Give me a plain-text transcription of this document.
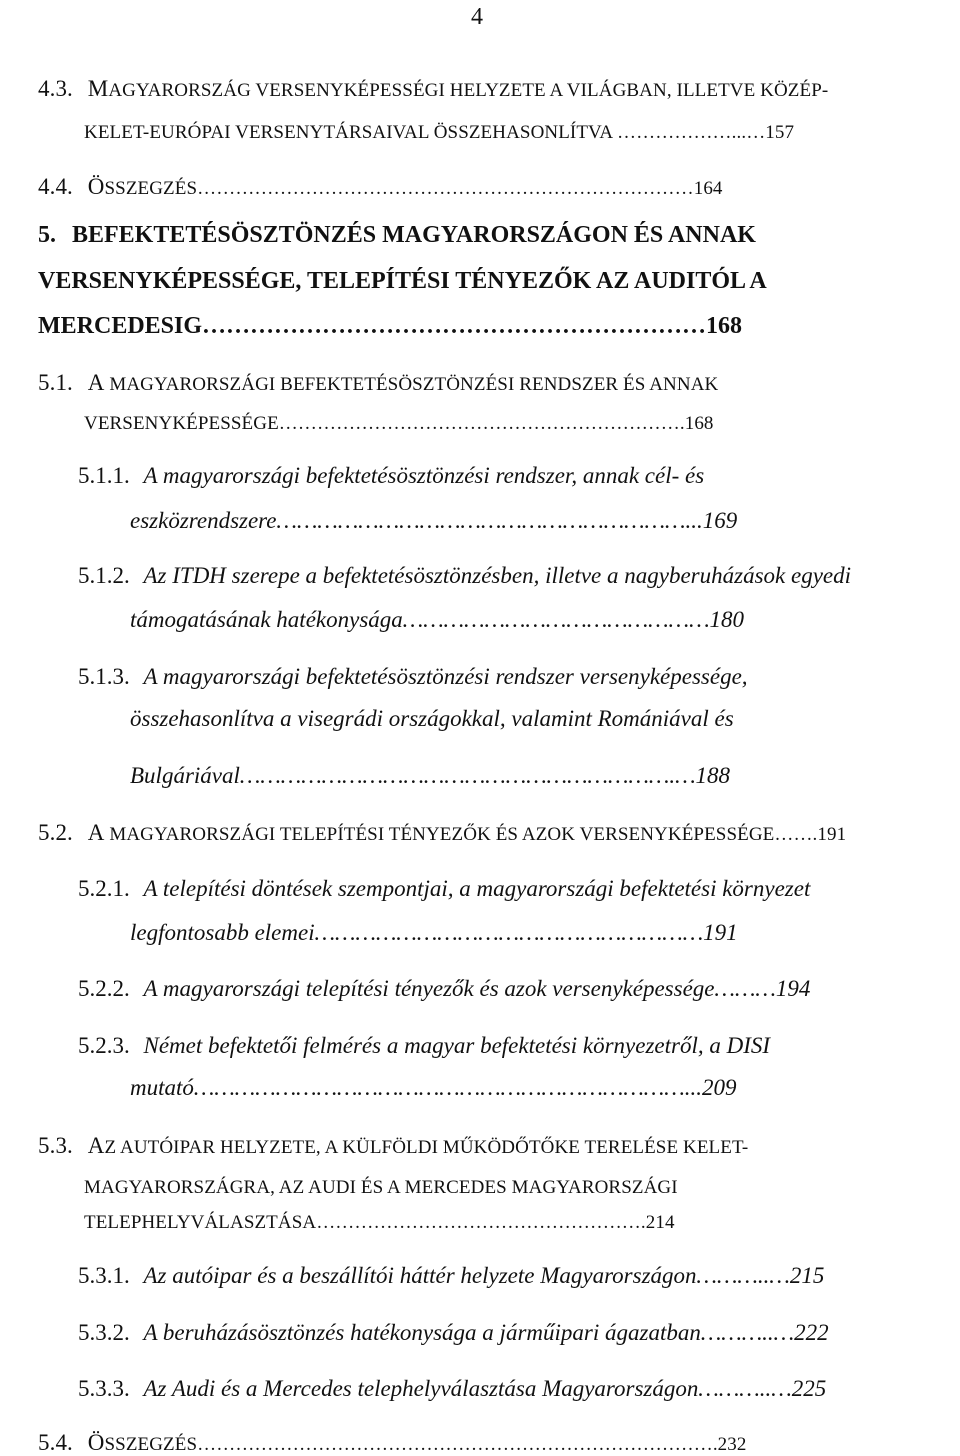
4
4.3. MAGYARORSZÁG VERSENYKÉPESSÉGI HELYZETE A VILÁGBAN, ILLETVE KÖZÉP-
KELET-EURÓPAI VERSENYTÁRSAIVAL ÖSSZEHASONLÍTVA ………………...…157
4.4. ÖSSZEGZÉS……………………………………………………………………164
5. BEFEKTETÉSÖSZTÖNZÉS MAGYARORSZÁGON ÉS ANNAK
VERSENYKÉPESSÉGE, TELEPÍTÉSI TÉNYEZŐK AZ AUDITÓL A
MERCEDESIG………………………………………………………168
5.1. A MAGYARORSZÁGI BEFEKTETÉSÖSZTÖNZÉSI RENDSZER ÉS ANNAK
VERSENYKÉPESSÉGE……………………………………………………….168
5.1.1. A magyarországi befektetésösztönzési rendszer, annak cél- és
eszközrendszere……………………………………………………...169
5.1.2. Az ITDH szerepe a befektetésösztönzésben, illetve a nagyberuházások egyedi
támogatásának hatékonysága………………………………………180
5.1.3. A magyarországi befektetésösztönzési rendszer versenyképessége,
összehasonlítva a visegrádi országokkal, valamint Romániával és
Bulgáriával……………………………………………………….…188
5.2. A MAGYARORSZÁGI TELEPÍTÉSI TÉNYEZŐK ÉS AZOK VERSENYKÉPESSÉGE…….191
5.2.1. A telepítési döntések szempontjai, a magyarországi befektetési környezet
legfontosabb elemei…………………………………………………191
5.2.2. A magyarországi telepítési tényezők és azok versenyképessége………194
5.2.3. Német befektetői felmérés a magyar befektetési környezetről, a DISI
mutató………………………………………………………………...209
5.3. AZ AUTÓIPAR HELYZETE, A KÜLFÖLDI MŰKÖDŐTŐKE TERELÉSE KELET-
MAGYARORSZÁGRA, AZ AUDI ÉS A MERCEDES MAGYARORSZÁGI
TELEPHELYVÁLASZTÁSA…………………………………………….214
5.3.1. Az autóipar és a beszállítói háttér helyzete Magyarországon………..…215
5.3.2. A beruházásösztönzés hatékonysága a járműipari ágazatban………..…222
5.3.3. Az Audi és a Mercedes telephelyválasztása Magyarországon………..…225
5.4. ÖSSZEGZÉS……………………………………………………………………….232
